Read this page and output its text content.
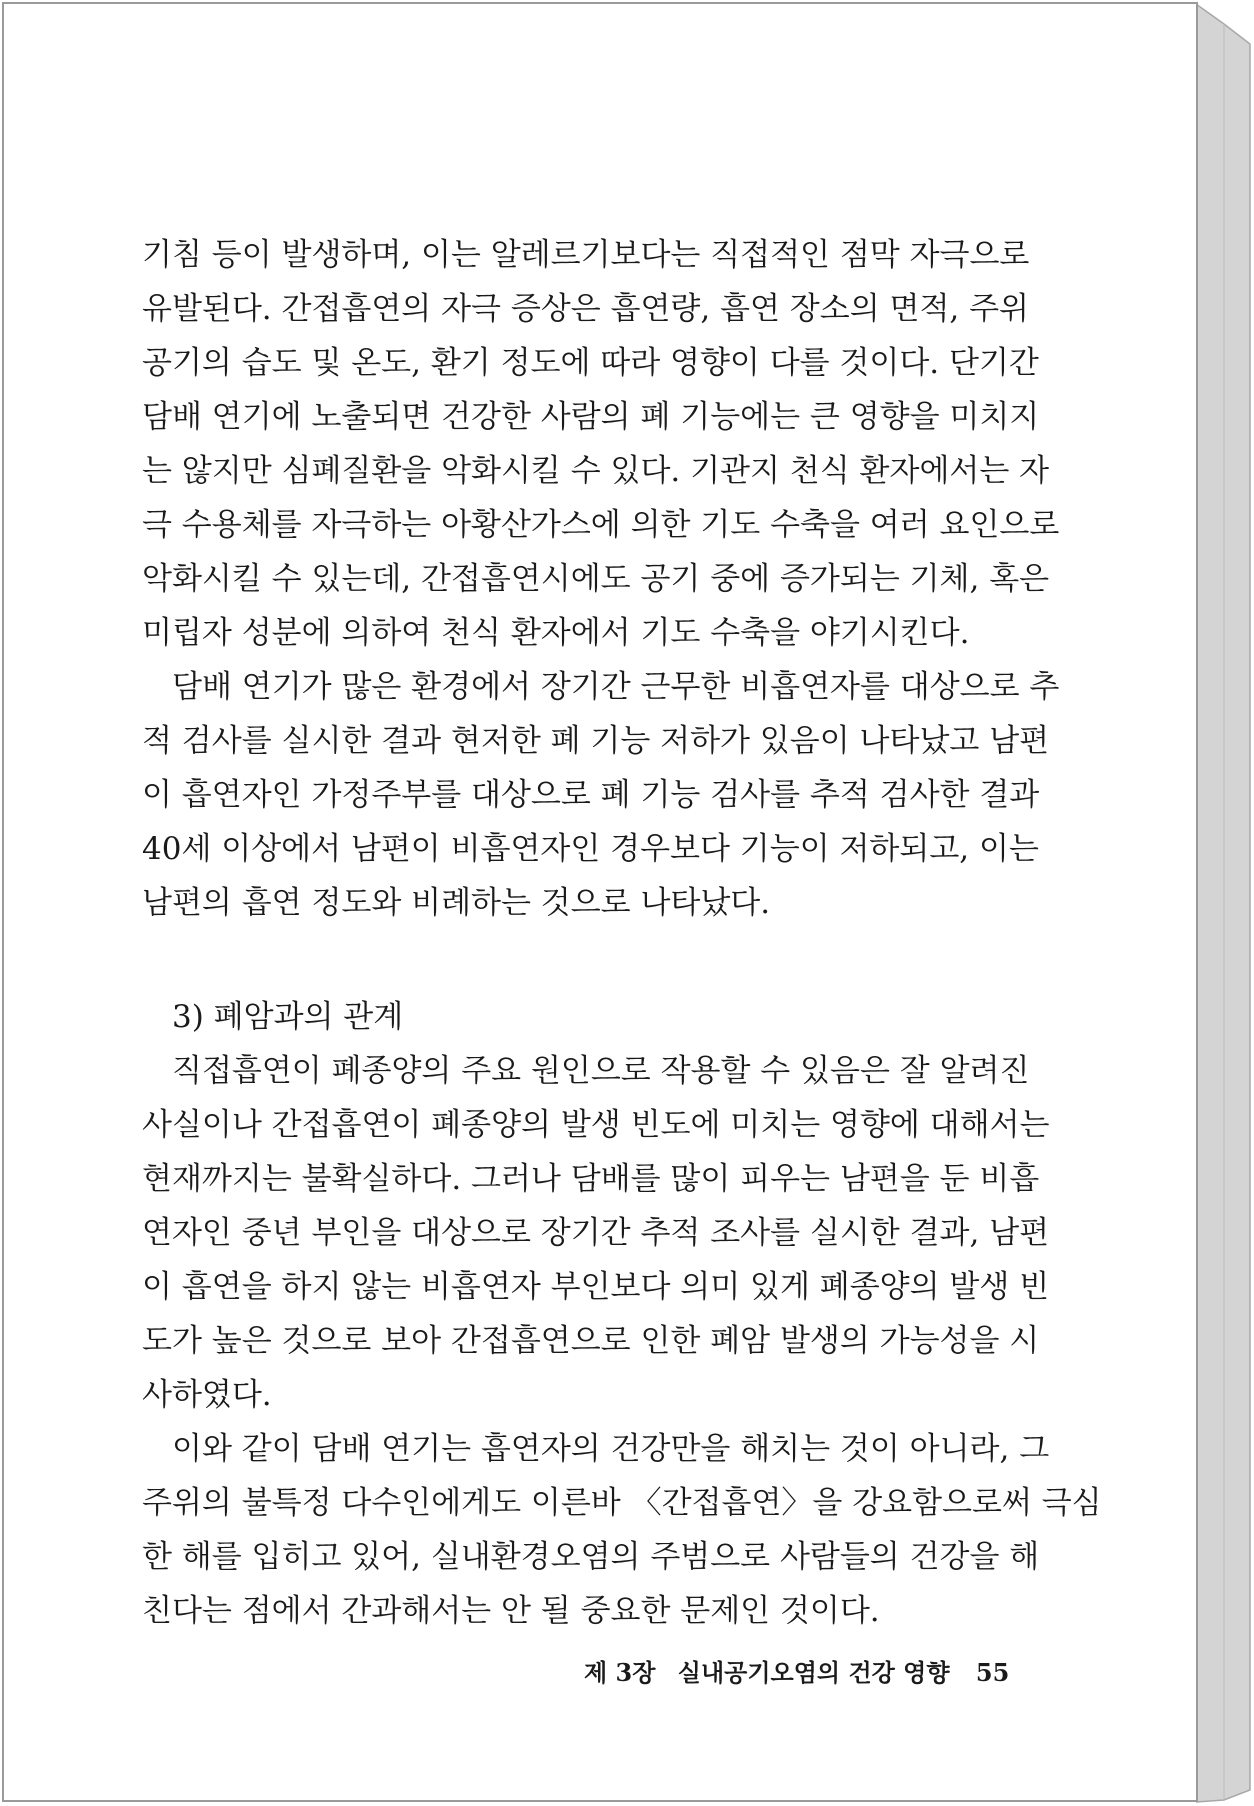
기침 등이 발생하며, 이는 알레르기보다는 직접적인 점막 자극으로
유발된다. 간접흡연의 자극 증상은 흡연량, 흡연 장소의 면적, 주위
공기의 습도 및 온도, 환기 정도에 따라 영향이 다를 것이다. 단기간
담배 연기에 노출되면 건강한 사람의 폐 기능에는 큰 영향을 미치지
는 않지만 심폐질환을 악화시킬 수 있다. 기관지 천식 환자에서는 자
극 수용체를 자극하는 아황산가스에 의한 기도 수축을 여러 요인으로
악화시킬 수 있는데, 간접흡연시에도 공기 중에 증가되는 기체, 혹은
미립자 성분에 의하여 천식 환자에서 기도 수축을 야기시킨다.
담배 연기가 많은 환경에서 장기간 근무한 비흡연자를 대상으로 추
적 검사를 실시한 결과 현저한 폐 기능 저하가 있음이 나타났고 남편
이 흡연자인 가정주부를 대상으로 폐 기능 검사를 추적 검사한 결과
40세 이상에서 남편이 비흡연자인 경우보다 기능이 저하되고, 이는
남편의 흡연 정도와 비례하는 것으로 나타났다.
3) 폐암과의 관계
직접흡연이 폐종양의 주요 원인으로 작용할 수 있음은 잘 알려진
사실이나 간접흡연이 폐종양의 발생 빈도에 미치는 영향에 대해서는
현재까지는 불확실하다. 그러나 담배를 많이 피우는 남편을 둔 비흡
연자인 중년 부인을 대상으로 장기간 추적 조사를 실시한 결과, 남편
이 흡연을 하지 않는 비흡연자 부인보다 의미 있게 폐종양의 발생 빈
도가 높은 것으로 보아 간접흡연으로 인한 폐암 발생의 가능성을 시
사하였다.
이와 같이 담배 연기는 흡연자의 건강만을 해치는 것이 아니라, 그
주위의 불특정 다수인에게도 이른바 〈간접흡연〉을 강요함으로써 극심
한 해를 입히고 있어, 실내환경오염의 주범으로 사람들의 건강을 해
친다는 점에서 간과해서는 안 될 중요한 문제인 것이다.
제 3장 실내공기오염의 건강 영향 55
